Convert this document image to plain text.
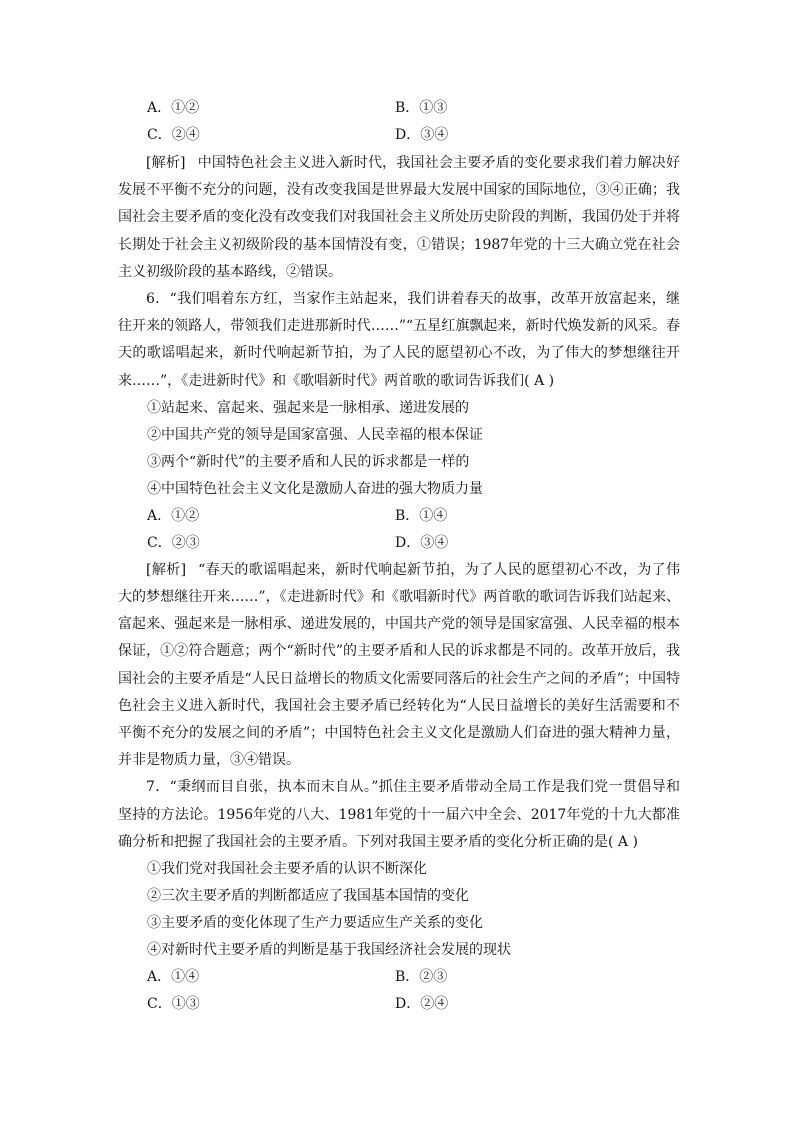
A．①②	B．①③
C．②④	D．③④

[解析] 中国特色社会主义进入新时代，我国社会主要矛盾的变化要求我们着力解决好发展不平衡不充分的问题，没有改变我国是世界最大发展中国家的国际地位，③④正确；我国社会主要矛盾的变化没有改变我们对我国社会主义所处历史阶段的判断，我国仍处于并将长期处于社会主义初级阶段的基本国情没有变，①错误；1987年党的十三大确立党在社会主义初级阶段的基本路线，②错误。

6．“我们唱着东方红，当家作主站起来，我们讲着春天的故事，改革开放富起来，继往开来的领路人，带领我们走进那新时代……”“五星红旗飘起来，新时代焕发新的风采。春天的歌谣唱起来，新时代响起新节拍，为了人民的愿望初心不改，为了伟大的梦想继往开来……”，《走进新时代》和《歌唱新时代》两首歌的歌词告诉我们( A )

①站起来、富起来、强起来是一脉相承、递进发展的
②中国共产党的领导是国家富强、人民幸福的根本保证
③两个“新时代”的主要矛盾和人民的诉求都是一样的
④中国特色社会主义文化是激励人奋进的强大物质力量
A．①②	B．①④
C．②③	D．③④

[解析] “春天的歌谣唱起来，新时代响起新节拍，为了人民的愿望初心不改，为了伟大的梦想继往开来……”，《走进新时代》和《歌唱新时代》两首歌的歌词告诉我们站起来、富起来、强起来是一脉相承、递进发展的，中国共产党的领导是国家富强、人民幸福的根本保证，①②符合题意；两个“新时代”的主要矛盾和人民的诉求都是不同的。改革开放后，我国社会的主要矛盾是“人民日益增长的物质文化需要同落后的社会生产之间的矛盾”；中国特色社会主义进入新时代，我国社会主要矛盾已经转化为“人民日益增长的美好生活需要和不平衡不充分的发展之间的矛盾”；中国特色社会主义文化是激励人们奋进的强大精神力量，并非是物质力量，③④错误。

7．“秉纲而目自张，执本而末自从。”抓住主要矛盾带动全局工作是我们党一贯倡导和坚持的方法论。1956年党的八大、1981年党的十一届六中全会、2017年党的十九大都准确分析和把握了我国社会的主要矛盾。下列对我国主要矛盾的变化分析正确的是( A )

①我们党对我国社会主要矛盾的认识不断深化
②三次主要矛盾的判断都适应了我国基本国情的变化
③主要矛盾的变化体现了生产力要适应生产关系的变化
④对新时代主要矛盾的判断是基于我国经济社会发展的现状
A．①④	B．②③
C．①③	D．②④
